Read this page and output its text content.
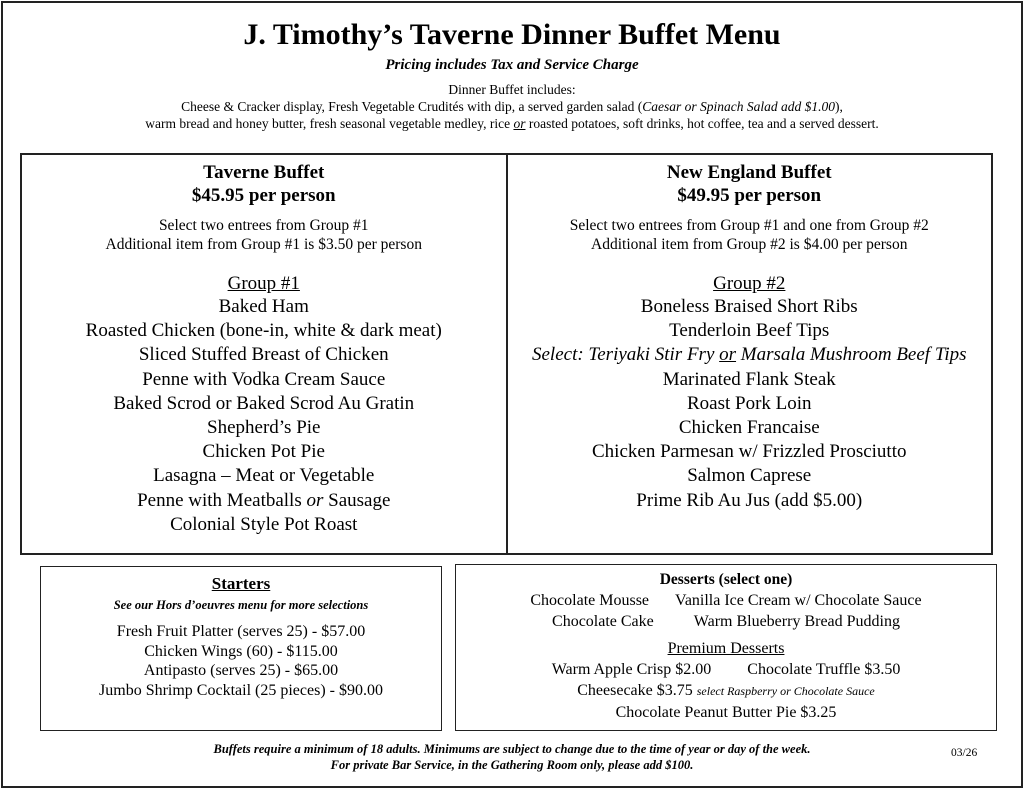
J. Timothy’s Taverne Dinner Buffet Menu
Pricing includes Tax and Service Charge
Dinner Buffet includes:
Cheese & Cracker display, Fresh Vegetable Crudités with dip, a served garden salad (Caesar or Spinach Salad add $1.00),
warm bread and honey butter, fresh seasonal vegetable medley, rice or roasted potatoes, soft drinks, hot coffee, tea and a served dessert.
Taverne Buffet
$45.95 per person
Select two entrees from Group #1
Additional item from Group #1 is $3.50 per person
Group #1
Baked Ham
Roasted Chicken (bone-in, white & dark meat)
Sliced Stuffed Breast of Chicken
Penne with Vodka Cream Sauce
Baked Scrod or Baked Scrod Au Gratin
Shepherd’s Pie
Chicken Pot Pie
Lasagna – Meat or Vegetable
Penne with Meatballs or Sausage
Colonial Style Pot Roast
New England Buffet
$49.95 per person
Select two entrees from Group #1 and one from Group #2
Additional item from Group #2 is $4.00 per person
Group #2
Boneless Braised Short Ribs
Tenderloin Beef Tips
Select: Teriyaki Stir Fry or Marsala Mushroom Beef Tips
Marinated Flank Steak
Roast Pork Loin
Chicken Francaise
Chicken Parmesan w/ Frizzled Prosciutto
Salmon Caprese
Prime Rib Au Jus (add $5.00)
Starters
See our Hors d’oeuvres menu for more selections
Fresh Fruit Platter (serves 25) - $57.00
Chicken Wings (60) - $115.00
Antipasto (serves 25) - $65.00
Jumbo Shrimp Cocktail (25 pieces) - $90.00
Desserts (select one)
Chocolate Mousse Vanilla Ice Cream w/ Chocolate Sauce
Chocolate Cake	Warm Blueberry Bread Pudding
Premium Desserts
Warm Apple Crisp $2.00 Chocolate Truffle $3.50
Cheesecake $3.75 select Raspberry or Chocolate Sauce
Chocolate Peanut Butter Pie $3.25
Buffets require a minimum of 18 adults. Minimums are subject to change due to the time of year or day of the week.
For private Bar Service, in the Gathering Room only, please add $100.
03/26
